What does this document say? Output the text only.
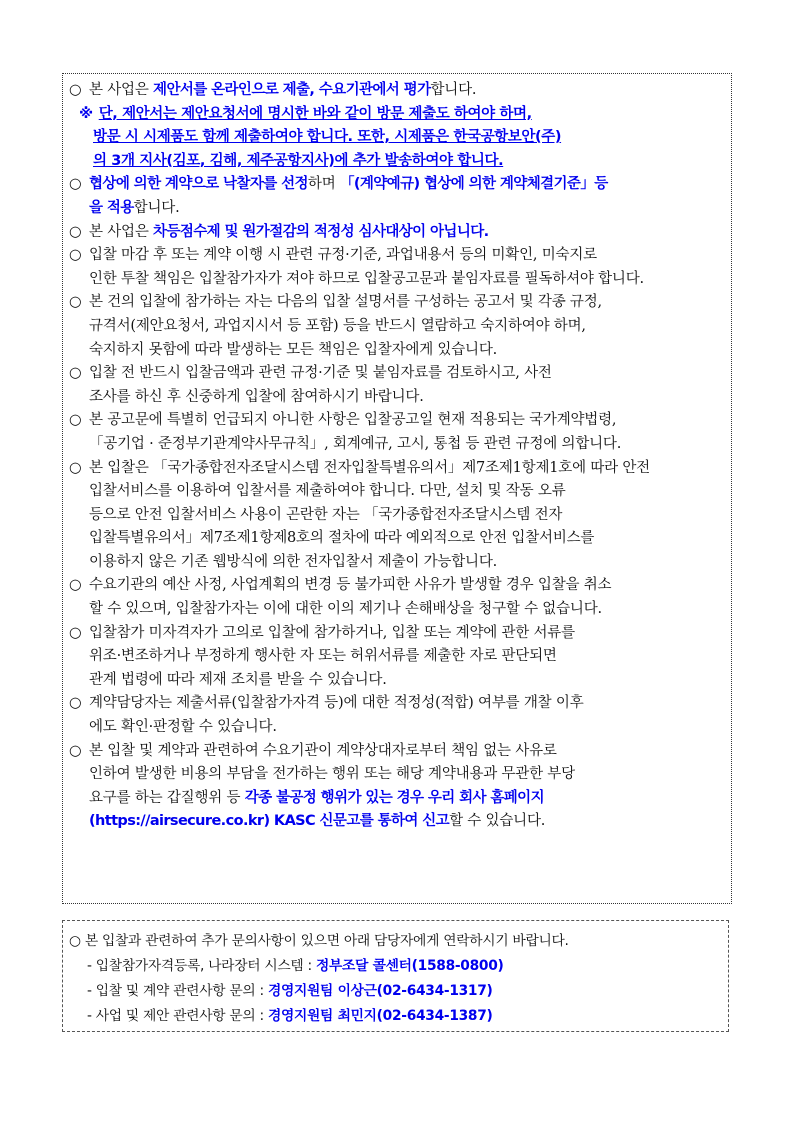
○ 본 사업은 제안서를 온라인으로 제출, 수요기관에서 평가합니다.
※ 단, 제안서는 제안요청서에 명시한 바와 같이 방문 제출도 하여야 하며,
방문 시 시제품도 함께 제출하여야 합니다. 또한, 시제품은 한국공항보안(주)
의 3개 지사(김포, 김해, 제주공항지사)에 추가 발송하여야 합니다.
○ 협상에 의한 계약으로 낙찰자를 선정하며 「(계약예규) 협상에 의한 계약체결기준」등
을 적용합니다.
○ 본 사업은 차등점수제 및 원가절감의 적정성 심사대상이 아닙니다.
○ 입찰 마감 후 또는 계약 이행 시 관련 규정·기준, 과업내용서 등의 미확인, 미숙지로
인한 투찰 책임은 입찰참가자가 져야 하므로 입찰공고문과 붙임자료를 필독하셔야 합니다.
○ 본 건의 입찰에 참가하는 자는 다음의 입찰 설명서를 구성하는 공고서 및 각종 규정,
규격서(제안요청서, 과업지시서 등 포함) 등을 반드시 열람하고 숙지하여야 하며,
숙지하지 못함에 따라 발생하는 모든 책임은 입찰자에게 있습니다.
○ 입찰 전 반드시 입찰금액과 관련 규정·기준 및 붙임자료를 검토하시고, 사전
조사를 하신 후 신중하게 입찰에 참여하시기 바랍니다.
○ 본 공고문에 특별히 언급되지 아니한 사항은 입찰공고일 현재 적용되는 국가계약법령,
「공기업 · 준정부기관계약사무규칙」, 회계예규, 고시, 통첩 등 관련 규정에 의합니다.
○ 본 입찰은 「국가종합전자조달시스템 전자입찰특별유의서」제7조제1항제1호에 따라 안전
입찰서비스를 이용하여 입찰서를 제출하여야 합니다. 다만, 설치 및 작동 오류
등으로 안전 입찰서비스 사용이 곤란한 자는 「국가종합전자조달시스템 전자
입찰특별유의서」제7조제1항제8호의 절차에 따라 예외적으로 안전 입찰서비스를
이용하지 않은 기존 웹방식에 의한 전자입찰서 제출이 가능합니다.
○ 수요기관의 예산 사정, 사업계획의 변경 등 불가피한 사유가 발생할 경우 입찰을 취소
할 수 있으며, 입찰참가자는 이에 대한 이의 제기나 손해배상을 청구할 수 없습니다.
○ 입찰참가 미자격자가 고의로 입찰에 참가하거나, 입찰 또는 계약에 관한 서류를
위조·변조하거나 부정하게 행사한 자 또는 허위서류를 제출한 자로 판단되면
관계 법령에 따라 제재 조치를 받을 수 있습니다.
○ 계약담당자는 제출서류(입찰참가자격 등)에 대한 적정성(적합) 여부를 개찰 이후
에도 확인·판정할 수 있습니다.
○ 본 입찰 및 계약과 관련하여 수요기관이 계약상대자로부터 책임 없는 사유로
인하여 발생한 비용의 부담을 전가하는 행위 또는 해당 계약내용과 무관한 부당
요구를 하는 갑질행위 등 각종 불공정 행위가 있는 경우 우리 회사 홈페이지
(https://airsecure.co.kr) KASC 신문고를 통하여 신고할 수 있습니다.
○ 본 입찰과 관련하여 추가 문의사항이 있으면 아래 담당자에게 연락하시기 바랍니다.
- 입찰참가자격등록, 나라장터 시스템 : 정부조달 콜센터(1588-0800)
- 입찰 및 계약 관련사항 문의 : 경영지원팀 이상근(02-6434-1317)
- 사업 및 제안 관련사항 문의 : 경영지원팀 최민지(02-6434-1387)
